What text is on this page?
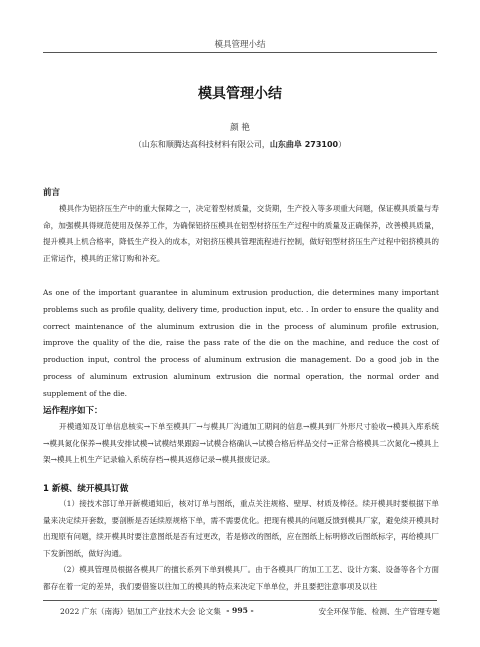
模具管理小结
模具管理小结
颜 艳
（山东和顺腾达高科技材料有限公司，山东曲阜 273100）
前言

模具作为铝挤压生产中的重大保障之一，决定着型材质量，交货期，生产投入等多项重大问题，保证模具质量与寿命，加强模具得规范使用及保养工作，为确保铝挤压模具在铝型材挤压生产过程中的质量及正确保养，改善模具质量，提升模具上机合格率，降低生产投入的成本，对铝挤压模具管理流程进行控制，做好铝型材挤压生产过程中铝挤模具的正常运作，模具的正常订购和补充。

As one of the important guarantee in aluminum extrusion production, die determines many important problems such as profile quality, delivery time, production input, etc. . In order to ensure the quality and correct maintenance of the aluminum extrusion die in the process of aluminum profile extrusion, improve the quality of the die, raise the pass rate of the die on the machine, and reduce the cost of production input, control the process of aluminum extrusion die management. Do a good job in the process of aluminum extrusion aluminum extrusion die normal operation, the normal order and supplement of the die.

运作程序如下：

开模通知及订单信息核实→下单至模具厂→与模具厂沟通加工期间的信息→模具到厂外形尺寸验收→模具入库系统→模具氮化保养→模具安排试模→试模结果跟踪→试模合格确认→试模合格后样品交付→正常合格模具二次氮化→模具上架→模具上机生产记录输入系统存档→模具返修记录→模具报废记录。

1 新模、续开模具订做

（1）接技术部订单开新模通知后，核对订单与图纸，重点关注规格、壁厚、材质及棒径。续开模具时要根据下单量来决定续开套数，要剖断是否延续原规格下单，需不需要优化。把现有模具的问题反馈到模具厂家，避免续开模具时出现原有问题，续开模具时要注意图纸是否有过更改，若是修改的图纸，应在图纸上标明修改后图纸标字，再给模具厂下发新图纸，做好沟通。

（2）模具管理员根据各模具厂的擅长系列下单到模具厂。由于各模具厂的加工工艺、设计方案、设备等各个方面都存在着一定的差异，我们要借鉴以往加工的模具的特点来决定下单单位，并且要把注意事项及以往

2022 广东（南海）铝加工产业技术大会 论文集 - 995 -	安全环保节能、检测、生产管理专题
